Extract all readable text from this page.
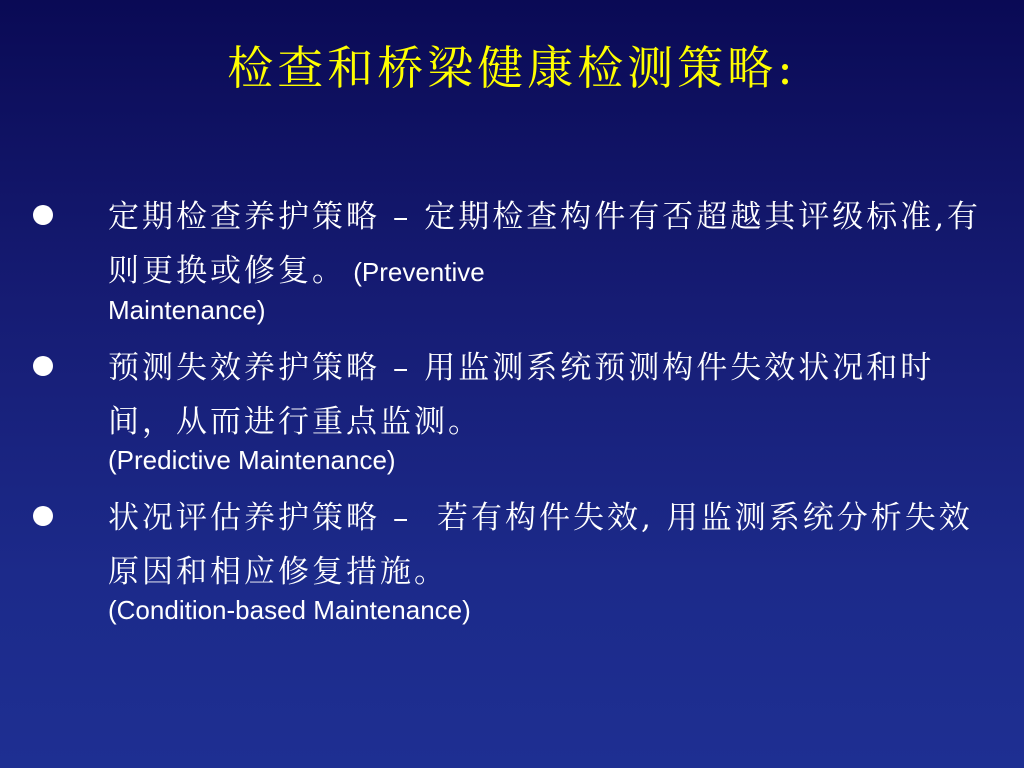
检查和桥梁健康检测策略:
定期检查养护策略 – 定期检查构件有否超越其评级标准,有则更换或修复。 (Preventive
Maintenance)
预测失效养护策略 – 用监测系统预测构件失效状况和时间，从而进行重点监测。
(Predictive Maintenance)
状况评估养护策略 –  若有构件失效, 用监测系统分析失效原因和相应修复措施。
(Condition-based Maintenance)
